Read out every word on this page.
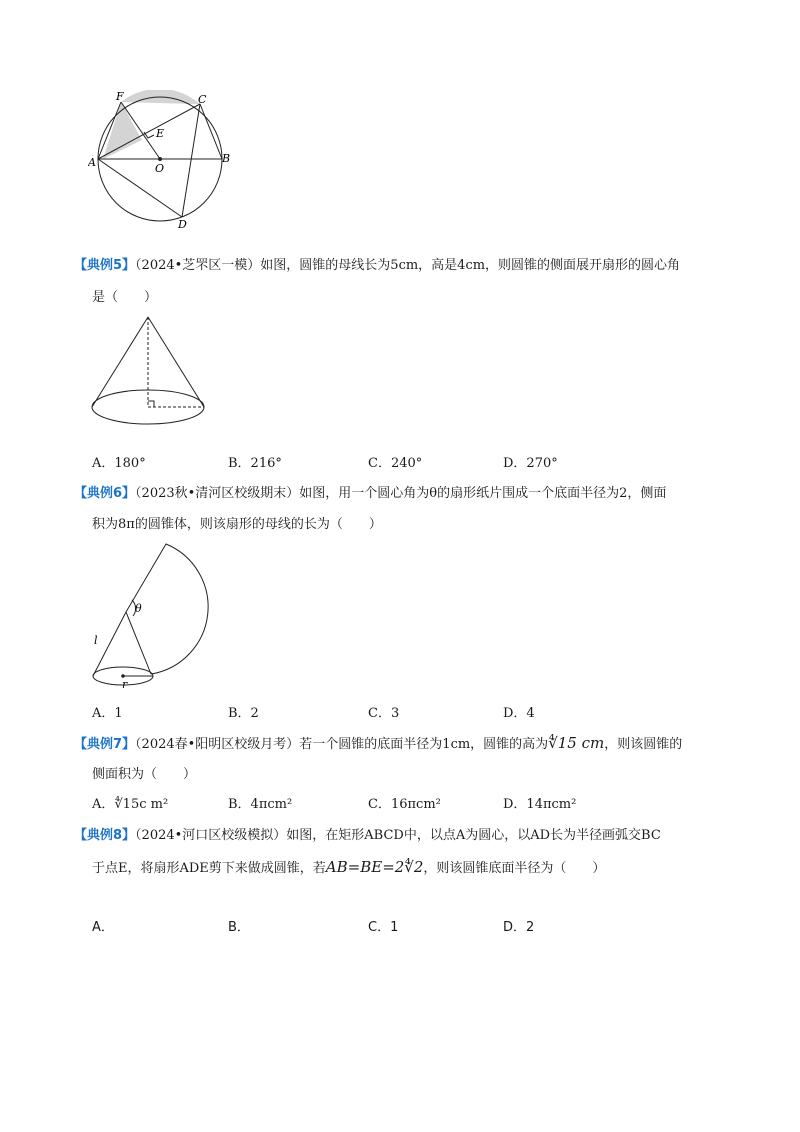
F	C
E
A	O
B
D
【典例5】（2024•芝罘区一模）如图，圆锥的母线长为5cm，高是4cm，则圆锥的侧面展开扇形的圆心角
是（　　）
A．180°	B．216°	C．240°	D．270°
【典例6】（2023秋•清河区校级期末）如图，用一个圆心角为θ的扇形纸片围成一个底面半径为2，侧面
积为8π的圆锥体，则该扇形的母线的长为（　　）
θ
l
r
A．1	B．2	C．3	D．4
【典例7】（2024春•阳明区校级月考）若一个圆锥的底面半径为1cm，圆锥的高为∜15 cm，则该圆锥的
侧面积为（　　）
A．∜15c m²	B．4πcm²	C．16πcm²	D．14πcm²
【典例8】（2024•河口区校级模拟）如图，在矩形ABCD中，以点A为圆心，以AD长为半径画弧交BC
于点E，将扇形ADE剪下来做成圆锥，若AB=BE=2∜2，则该圆锥底面半径为（　　）
A．	B．	C．1	D．2
